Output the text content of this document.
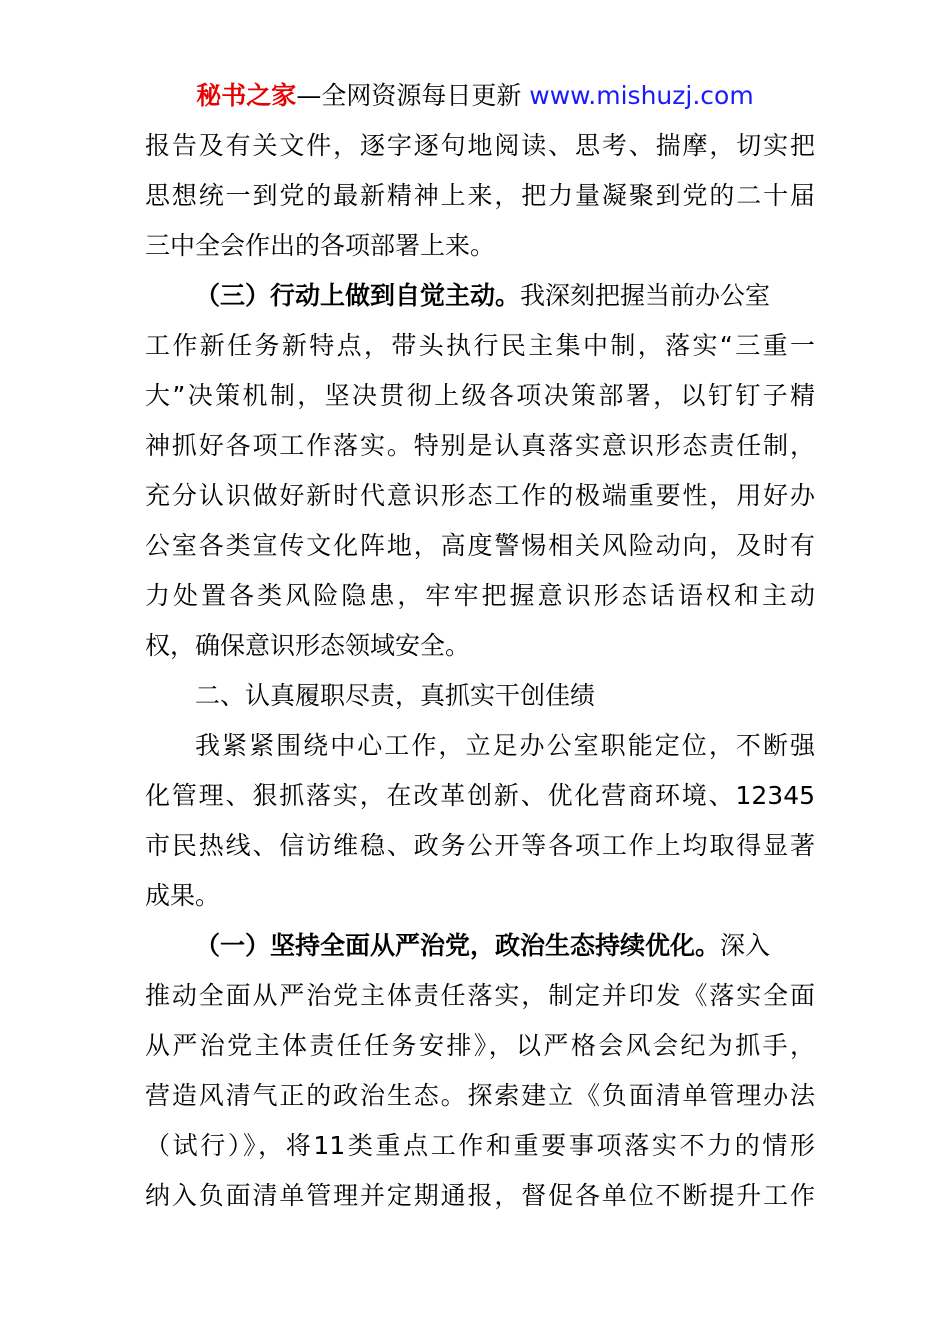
秘书之家—全网资源每日更新 www.mishuzj.com
报告及有关文件，逐字逐句地阅读、思考、揣摩，切实把
思想统一到党的最新精神上来，把力量凝聚到党的二十届
三中全会作出的各项部署上来。
（三）行动上做到自觉主动。我深刻把握当前办公室
工作新任务新特点，带头执行民主集中制，落实“三重一
大”决策机制，坚决贯彻上级各项决策部署，以钉钉子精
神抓好各项工作落实。特别是认真落实意识形态责任制，
充分认识做好新时代意识形态工作的极端重要性，用好办
公室各类宣传文化阵地，高度警惕相关风险动向，及时有
力处置各类风险隐患，牢牢把握意识形态话语权和主动
权，确保意识形态领域安全。
二、认真履职尽责，真抓实干创佳绩
我紧紧围绕中心工作，立足办公室职能定位，不断强
化管理、狠抓落实，在改革创新、优化营商环境、12345
市民热线、信访维稳、政务公开等各项工作上均取得显著
成果。
（一）坚持全面从严治党，政治生态持续优化。深入
推动全面从严治党主体责任落实，制定并印发《落实全面
从严治党主体责任任务安排》，以严格会风会纪为抓手，
营造风清气正的政治生态。探索建立《负面清单管理办法
（试行）》，将11类重点工作和重要事项落实不力的情形
纳入负面清单管理并定期通报，督促各单位不断提升工作
